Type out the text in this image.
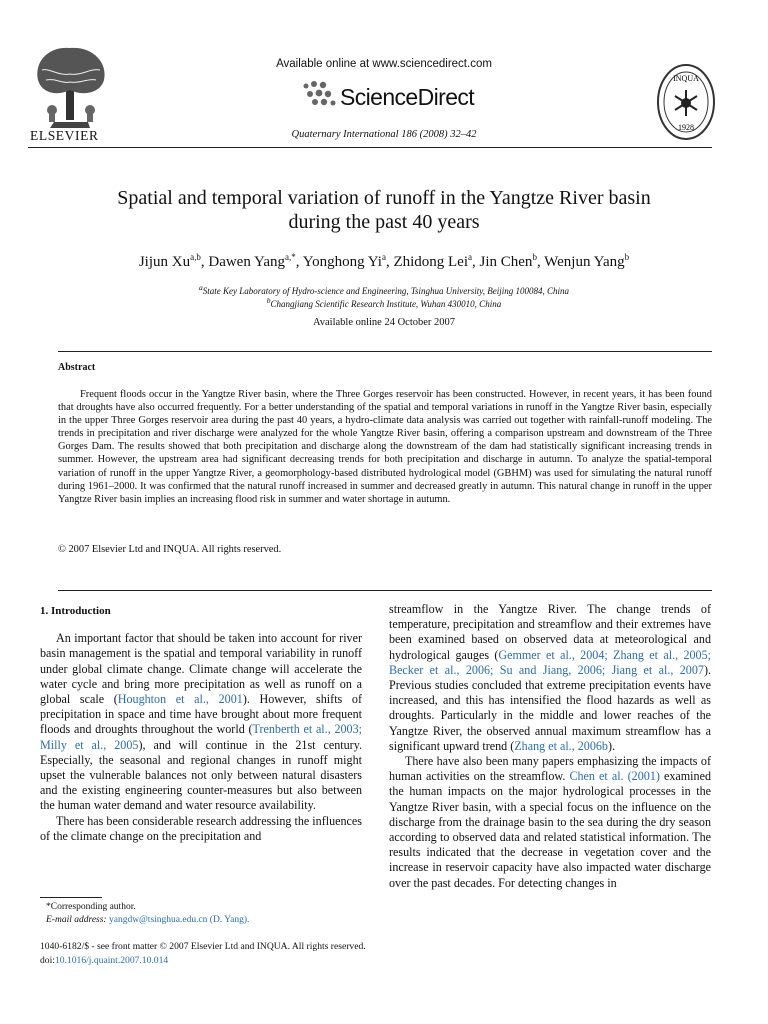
ELSEVIER
Available online at www.sciencedirect.com
ScienceDirect
Quaternary International 186 (2008) 32–42
INQUA
1928
Spatial and temporal variation of runoff in the Yangtze River basin
during the past 40 years
Jijun Xu$^{a,b}$, Dawen Yang$^{a,*}$, Yonghong Yi$^a$, Zhidong Lei$^a$, Jin Chen$^b$, Wenjun Yang$^b$
$^a$State Key Laboratory of Hydro-science and Engineering, Tsinghua University, Beijing 100084, China
$^b$Changjiang Scientific Research Institute, Wuhan 430010, China
Available online 24 October 2007
Abstract
Frequent floods occur in the Yangtze River basin, where the Three Gorges reservoir has been constructed. However, in recent years, it has been found that droughts have also occurred frequently. For a better understanding of the spatial and temporal variations in runoff in the Yangtze River basin, especially in the upper Three Gorges reservoir area during the past 40 years, a hydro-climate data analysis was carried out together with rainfall-runoff modeling. The trends in precipitation and river discharge were analyzed for the whole Yangtze River basin, offering a comparison upstream and downstream of the Three Gorges Dam. The results showed that both precipitation and discharge along the downstream of the dam had statistically significant increasing trends in summer. However, the upstream area had significant decreasing trends for both precipitation and discharge in autumn. To analyze the spatial-temporal variation of runoff in the upper Yangtze River, a geomorphology-based distributed hydrological model (GBHM) was used for simulating the natural runoff during 1961–2000. It was confirmed that the natural runoff increased in summer and decreased greatly in autumn. This natural change in runoff in the upper Yangtze River basin implies an increasing flood risk in summer and water shortage in autumn.
© 2007 Elsevier Ltd and INQUA. All rights reserved.

1. Introduction

An important factor that should be taken into account for river basin management is the spatial and temporal variability in runoff under global climate change. Climate change will accelerate the water cycle and bring more precipitation as well as runoff on a global scale (Houghton et al., 2001). However, shifts of precipitation in space and time have brought about more frequent floods and droughts throughout the world (Trenberth et al., 2003; Milly et al., 2005), and will continue in the 21st century. Especially, the seasonal and regional changes in runoff might upset the vulnerable balances not only between natural disasters and the existing engineering counter-measures but also between the human water demand and water resource availability.

There has been considerable research addressing the influences of the climate change on the precipitation and

streamflow in the Yangtze River. The change trends of temperature, precipitation and streamflow and their extremes have been examined based on observed data at meteorological and hydrological gauges (Gemmer et al., 2004; Zhang et al., 2005; Becker et al., 2006; Su and Jiang, 2006; Jiang et al., 2007). Previous studies concluded that extreme precipitation events have increased, and this has intensified the flood hazards as well as droughts. Particularly in the middle and lower reaches of the Yangtze River, the observed annual maximum streamflow has a significant upward trend (Zhang et al., 2006b).

There have also been many papers emphasizing the impacts of human activities on the streamflow. Chen et al. (2001) examined the human impacts on the major hydrological processes in the Yangtze River basin, with a special focus on the influence on the discharge from the drainage basin to the sea during the dry season according to observed data and related statistical information. The results indicated that the decrease in vegetation cover and the increase in reservoir capacity have also impacted water discharge over the past decades. For detecting changes in

*Corresponding author.
E-mail address: yangdw@tsinghua.edu.cn (D. Yang).
1040-6182/$ - see front matter © 2007 Elsevier Ltd and INQUA. All rights reserved.
doi:10.1016/j.quaint.2007.10.014
